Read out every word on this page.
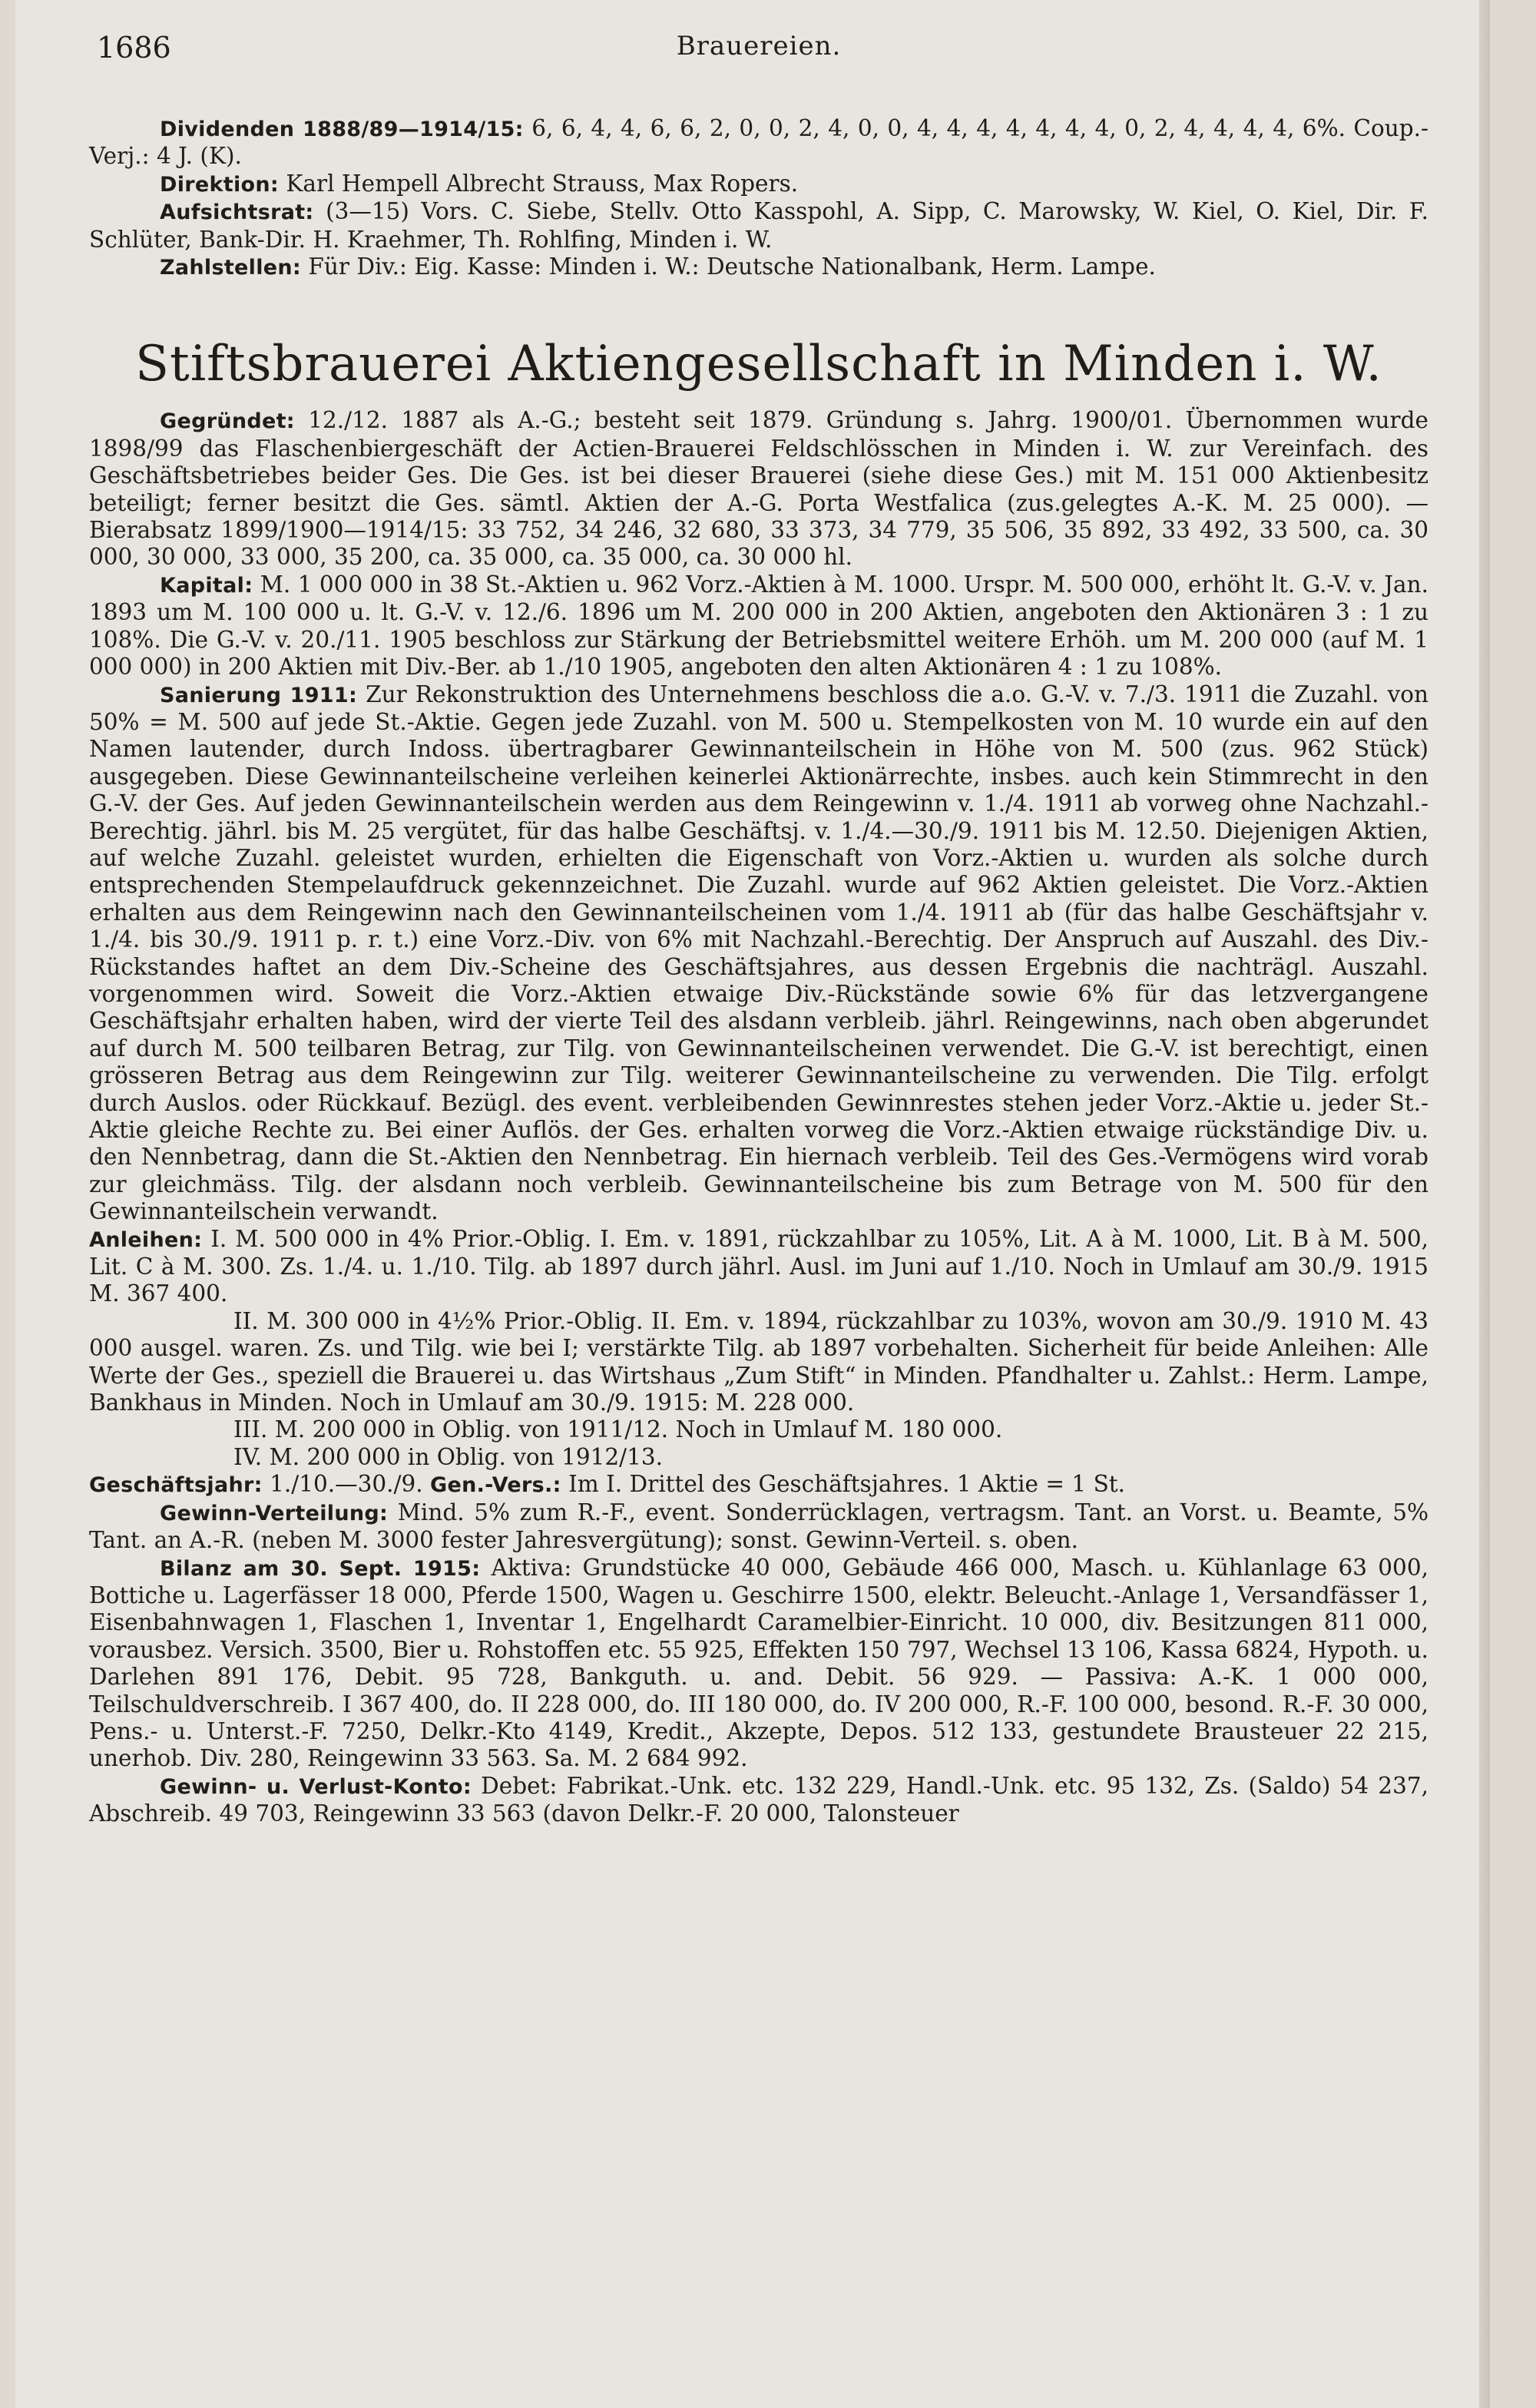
1686	Brauereien.

Dividenden 1888/89—1914/15: 6, 6, 4, 4, 6, 6, 2, 0, 0, 2, 4, 0, 0, 4, 4, 4, 4, 4, 4, 4, 0, 2, 4, 4, 4, 4, 6%. Coup.-Verj.: 4 J. (K).

Direktion: Karl Hempell Albrecht Strauss, Max Ropers.

Aufsichtsrat: (3—15) Vors. C. Siebe, Stellv. Otto Kasspohl, A. Sipp, C. Marowsky, W. Kiel, O. Kiel, Dir. F. Schlüter, Bank-Dir. H. Kraehmer, Th. Rohlfing, Minden i. W.

Zahlstellen: Für Div.: Eig. Kasse: Minden i. W.: Deutsche Nationalbank, Herm. Lampe.

Stiftsbrauerei Aktiengesellschaft in Minden i. W.

Gegründet: 12./12. 1887 als A.-G.; besteht seit 1879. Gründung s. Jahrg. 1900/01. Übernommen wurde 1898/99 das Flaschenbiergeschäft der Actien-Brauerei Feldschlösschen in Minden i. W. zur Vereinfach. des Geschäftsbetriebes beider Ges. Die Ges. ist bei dieser Brauerei (siehe diese Ges.) mit M. 151 000 Aktienbesitz beteiligt; ferner besitzt die Ges. sämtl. Aktien der A.-G. Porta Westfalica (zus.gelegtes A.-K. M. 25 000). — Bierabsatz 1899/1900—1914/15: 33 752, 34 246, 32 680, 33 373, 34 779, 35 506, 35 892, 33 492, 33 500, ca. 30 000, 30 000, 33 000, 35 200, ca. 35 000, ca. 35 000, ca. 30 000 hl.

Kapital: M. 1 000 000 in 38 St.-Aktien u. 962 Vorz.-Aktien à M. 1000. Urspr. M. 500 000, erhöht lt. G.-V. v. Jan. 1893 um M. 100 000 u. lt. G.-V. v. 12./6. 1896 um M. 200 000 in 200 Aktien, angeboten den Aktionären 3 : 1 zu 108%. Die G.-V. v. 20./11. 1905 beschloss zur Stärkung der Betriebsmittel weitere Erhöh. um M. 200 000 (auf M. 1 000 000) in 200 Aktien mit Div.-Ber. ab 1./10 1905, angeboten den alten Aktionären 4 : 1 zu 108%.

Sanierung 1911: Zur Rekonstruktion des Unternehmens beschloss die a.o. G.-V. v. 7./3. 1911 die Zuzahl. von 50% = M. 500 auf jede St.-Aktie. Gegen jede Zuzahl. von M. 500 u. Stempelkosten von M. 10 wurde ein auf den Namen lautender, durch Indoss. übertragbarer Gewinnanteilschein in Höhe von M. 500 (zus. 962 Stück) ausgegeben. Diese Gewinnanteilscheine verleihen keinerlei Aktionärrechte, insbes. auch kein Stimmrecht in den G.-V. der Ges. Auf jeden Gewinnanteilschein werden aus dem Reingewinn v. 1./4. 1911 ab vorweg ohne Nachzahl.-Berechtig. jährl. bis M. 25 vergütet, für das halbe Geschäftsj. v. 1./4.—30./9. 1911 bis M. 12.50. Diejenigen Aktien, auf welche Zuzahl. geleistet wurden, erhielten die Eigenschaft von Vorz.-Aktien u. wurden als solche durch entsprechenden Stempelaufdruck gekennzeichnet. Die Zuzahl. wurde auf 962 Aktien geleistet. Die Vorz.-Aktien erhalten aus dem Reingewinn nach den Gewinnanteilscheinen vom 1./4. 1911 ab (für das halbe Geschäftsjahr v. 1./4. bis 30./9. 1911 p. r. t.) eine Vorz.-Div. von 6% mit Nachzahl.-Berechtig. Der Anspruch auf Auszahl. des Div.-Rückstandes haftet an dem Div.-Scheine des Geschäftsjahres, aus dessen Ergebnis die nachträgl. Auszahl. vorgenommen wird. Soweit die Vorz.-Aktien etwaige Div.-Rückstände sowie 6% für das letzvergangene Geschäftsjahr erhalten haben, wird der vierte Teil des alsdann verbleib. jährl. Reingewinns, nach oben abgerundet auf durch M. 500 teilbaren Betrag, zur Tilg. von Gewinnanteilscheinen verwendet. Die G.-V. ist berechtigt, einen grösseren Betrag aus dem Reingewinn zur Tilg. weiterer Gewinnanteilscheine zu verwenden. Die Tilg. erfolgt durch Auslos. oder Rückkauf. Bezügl. des event. verbleibenden Gewinnrestes stehen jeder Vorz.-Aktie u. jeder St.-Aktie gleiche Rechte zu. Bei einer Auflös. der Ges. erhalten vorweg die Vorz.-Aktien etwaige rückständige Div. u. den Nennbetrag, dann die St.-Aktien den Nennbetrag. Ein hiernach verbleib. Teil des Ges.-Vermögens wird vorab zur gleichmäss. Tilg. der alsdann noch verbleib. Gewinnanteilscheine bis zum Betrage von M. 500 für den Gewinnanteilschein verwandt.

Anleihen: I. M. 500 000 in 4% Prior.-Oblig. I. Em. v. 1891, rückzahlbar zu 105%, Lit. A à M. 1000, Lit. B à M. 500, Lit. C à M. 300. Zs. 1./4. u. 1./10. Tilg. ab 1897 durch jährl. Ausl. im Juni auf 1./10. Noch in Umlauf am 30./9. 1915 M. 367 400.

II. M. 300 000 in 4½% Prior.-Oblig. II. Em. v. 1894, rückzahlbar zu 103%, wovon am 30./9. 1910 M. 43 000 ausgel. waren. Zs. und Tilg. wie bei I; verstärkte Tilg. ab 1897 vorbehalten. Sicherheit für beide Anleihen: Alle Werte der Ges., speziell die Brauerei u. das Wirtshaus „Zum Stift“ in Minden. Pfandhalter u. Zahlst.: Herm. Lampe, Bankhaus in Minden. Noch in Umlauf am 30./9. 1915: M. 228 000.

III. M. 200 000 in Oblig. von 1911/12. Noch in Umlauf M. 180 000.

IV. M. 200 000 in Oblig. von 1912/13.

Geschäftsjahr: 1./10.—30./9. Gen.-Vers.: Im I. Drittel des Geschäftsjahres. 1 Aktie = 1 St.

Gewinn-Verteilung: Mind. 5% zum R.-F., event. Sonderrücklagen, vertragsm. Tant. an Vorst. u. Beamte, 5% Tant. an A.-R. (neben M. 3000 fester Jahresvergütung); sonst. Gewinn-Verteil. s. oben.

Bilanz am 30. Sept. 1915: Aktiva: Grundstücke 40 000, Gebäude 466 000, Masch. u. Kühlanlage 63 000, Bottiche u. Lagerfässer 18 000, Pferde 1500, Wagen u. Geschirre 1500, elektr. Beleucht.-Anlage 1, Versandfässer 1, Eisenbahnwagen 1, Flaschen 1, Inventar 1, Engelhardt Caramelbier-Einricht. 10 000, div. Besitzungen 811 000, vorausbez. Versich. 3500, Bier u. Rohstoffen etc. 55 925, Effekten 150 797, Wechsel 13 106, Kassa 6824, Hypoth. u. Darlehen 891 176, Debit. 95 728, Bankguth. u. and. Debit. 56 929. — Passiva: A.-K. 1 000 000, Teilschuldverschreib. I 367 400, do. II 228 000, do. III 180 000, do. IV 200 000, R.-F. 100 000, besond. R.-F. 30 000, Pens.- u. Unterst.-F. 7250, Delkr.-Kto 4149, Kredit., Akzepte, Depos. 512 133, gestundete Brausteuer 22 215, unerhob. Div. 280, Reingewinn 33 563. Sa. M. 2 684 992.

Gewinn- u. Verlust-Konto: Debet: Fabrikat.-Unk. etc. 132 229, Handl.-Unk. etc. 95 132, Zs. (Saldo) 54 237, Abschreib. 49 703, Reingewinn 33 563 (davon Delkr.-F. 20 000, Talonsteuer
